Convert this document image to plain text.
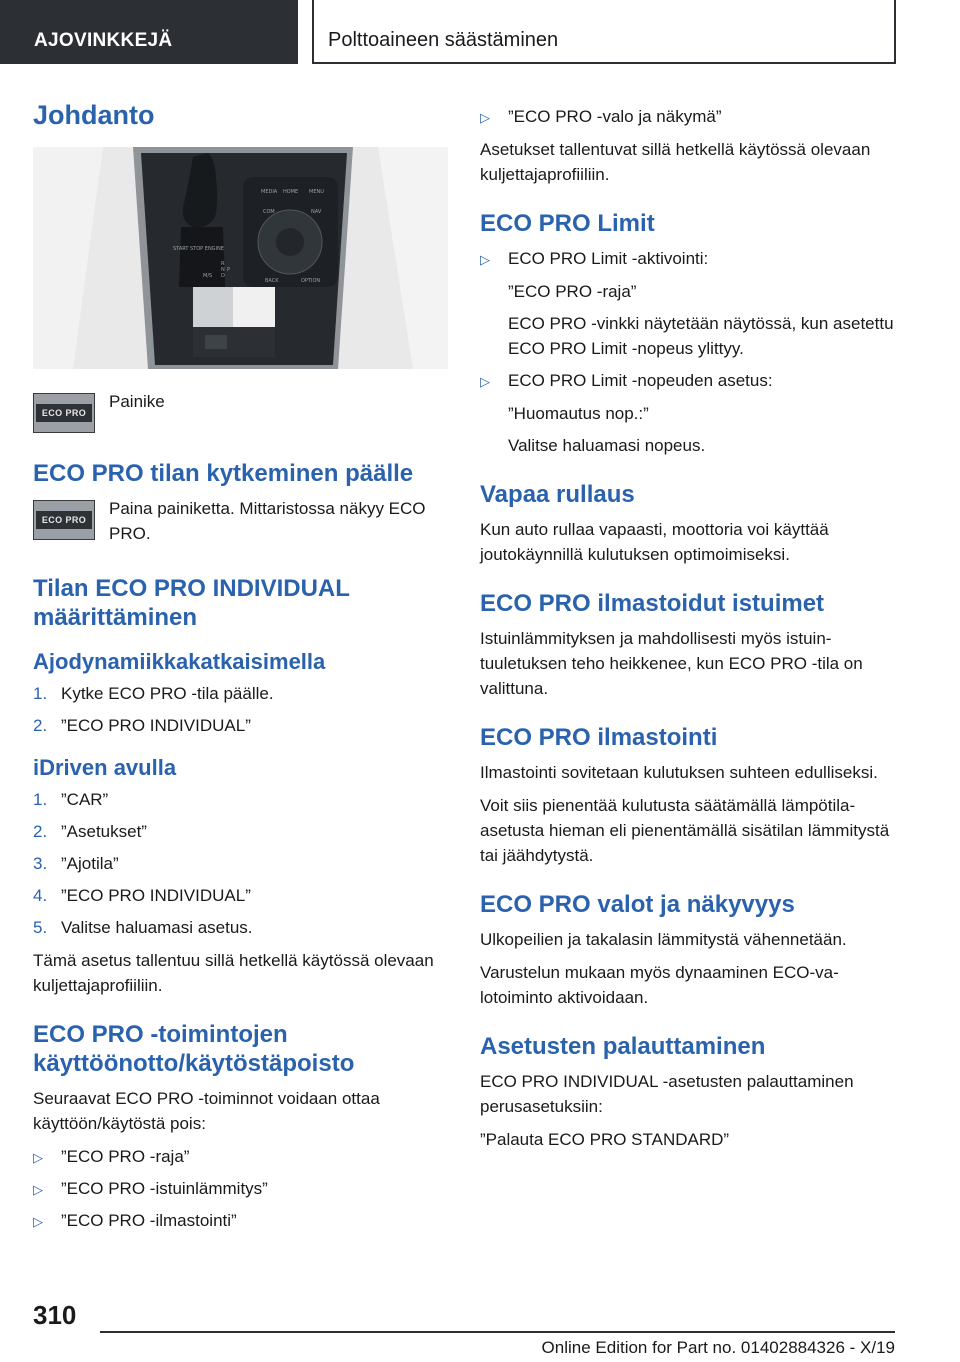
AJOVINKKEJÄ	Polttoaineen säästäminen
Johdanto
MEDIA HOME MENU
COM	NAV
OPTION
BACK
START STOP ENGINE
M/S
R
N
D
P
ECO PRO
Painike
ECO PRO tilan kytkeminen päälle
ECO PRO
Paina painiketta. Mittaristossa näkyy ECO PRO.
Tilan ECO PRO INDIVIDUAL määrittäminen
Ajodynamiikkakatkaisimella
1. Kytke ECO PRO -tila päälle.
2. ”ECO PRO INDIVIDUAL”
iDriven avulla
1. ”CAR”
2. ”Asetukset”
3. ”Ajotila”
4. ”ECO PRO INDIVIDUAL”
5. Valitse haluamasi asetus.

Tämä asetus tallentuu sillä hetkellä käytössä olevaan kuljettajaprofiiliin.

ECO PRO -toimintojen käyttöönotto/käytöstäpoisto

Seuraavat ECO PRO -toiminnot voidaan ottaa käyttöön/käytöstä pois:

▷ ”ECO PRO -raja”
▷ ”ECO PRO -istuinlämmitys”
▷ ”ECO PRO -ilmastointi”
▷ ”ECO PRO -valo ja näkymä”

Asetukset tallentuvat sillä hetkellä käytössä olevaan kuljettajaprofiiliin.

ECO PRO Limit
▷ ECO PRO Limit -aktivointi:

”ECO PRO -raja”

ECO PRO -vinkki näytetään näytössä, kun asetettu ECO PRO Limit -nopeus ylittyy.

▷ ECO PRO Limit -nopeuden asetus:

”Huomautus nop.:”

Valitse haluamasi nopeus.

Vapaa rullaus

Kun auto rullaa vapaasti, moottoria voi käyttää joutokäynnillä kulutuksen optimoimiseksi.

ECO PRO ilmastoidut istuimet

Istuinlämmityksen ja mahdollisesti myös istuintuuletuksen teho heikkenee, kun ECO PRO -tila on valittuna.

ECO PRO ilmastointi

Ilmastointi sovitetaan kulutuksen suhteen edulliseksi.

Voit siis pienentää kulutusta säätämällä lämpötila-asetusta hieman eli pienentämällä sisätilan lämmitystä tai jäähdytystä.

ECO PRO valot ja näkyvyys

Ulkopeilien ja takalasin lämmitystä vähennetään.

Varustelun mukaan myös dynaaminen ECO-valotoiminto aktivoidaan.

Asetusten palauttaminen

ECO PRO INDIVIDUAL -asetusten palauttaminen perusasetuksiin:

”Palauta ECO PRO STANDARD”

310
Online Edition for Part no. 01402884326 - X/19
